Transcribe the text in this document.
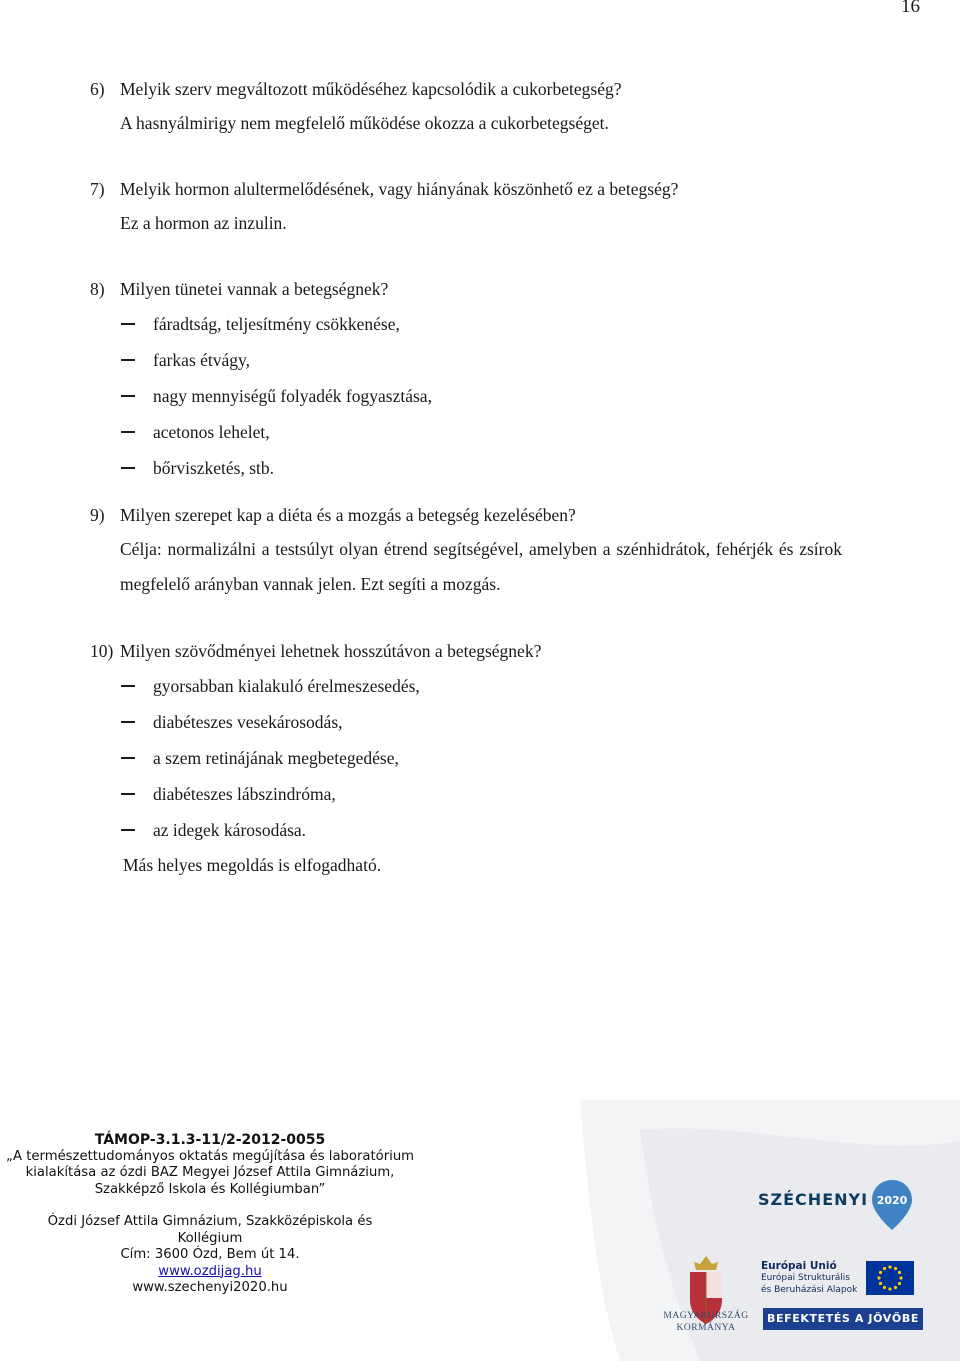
16
6) Melyik szerv megváltozott működéséhez kapcsolódik a cukorbetegség?
A hasnyálmirigy nem megfelelő működése okozza a cukorbetegséget.
7) Melyik hormon alultermelődésének, vagy hiányának köszönhető ez a betegség?
Ez a hormon az inzulin.
8) Milyen tünetei vannak a betegségnek?
fáradtság, teljesítmény csökkenése,
farkas étvágy,
nagy mennyiségű folyadék fogyasztása,
acetonos lehelet,
bőrviszketés, stb.
9) Milyen szerepet kap a diéta és a mozgás a betegség kezelésében?
Célja: normalizálni a testsúlyt olyan étrend segítségével, amelyben a szénhidrátok, fehérjék és zsírok megfelelő arányban vannak jelen. Ezt segíti a mozgás.
10) Milyen szövődményei lehetnek hosszútávon a betegségnek?
gyorsabban kialakuló érelmeszesedés,
diabéteszes vesekárosodás,
a szem retinájának megbetegedése,
diabéteszes lábszindróma,
az idegek károsodása.
Más helyes megoldás is elfogadható.
TÁMOP-3.1.3-11/2-2012-0055
„A természettudományos oktatás megújítása és laboratórium
kialakítása az ózdi BAZ Megyei József Attila Gimnázium,
Szakképző Iskola és Kollégiumban”
Ózdi József Attila Gimnázium, Szakközépiskola és
Kollégium
Cím: 3600 Ózd, Bem út 14.
www.ozdijag.hu
www.szechenyi2020.hu
SZÉCHENYI 2020
MAGYARORSZÁG
KORMÁNYA
Európai Unió
Európai Strukturális
és Beruházási Alapok
BEFEKTETÉS A JÖVŐBE
